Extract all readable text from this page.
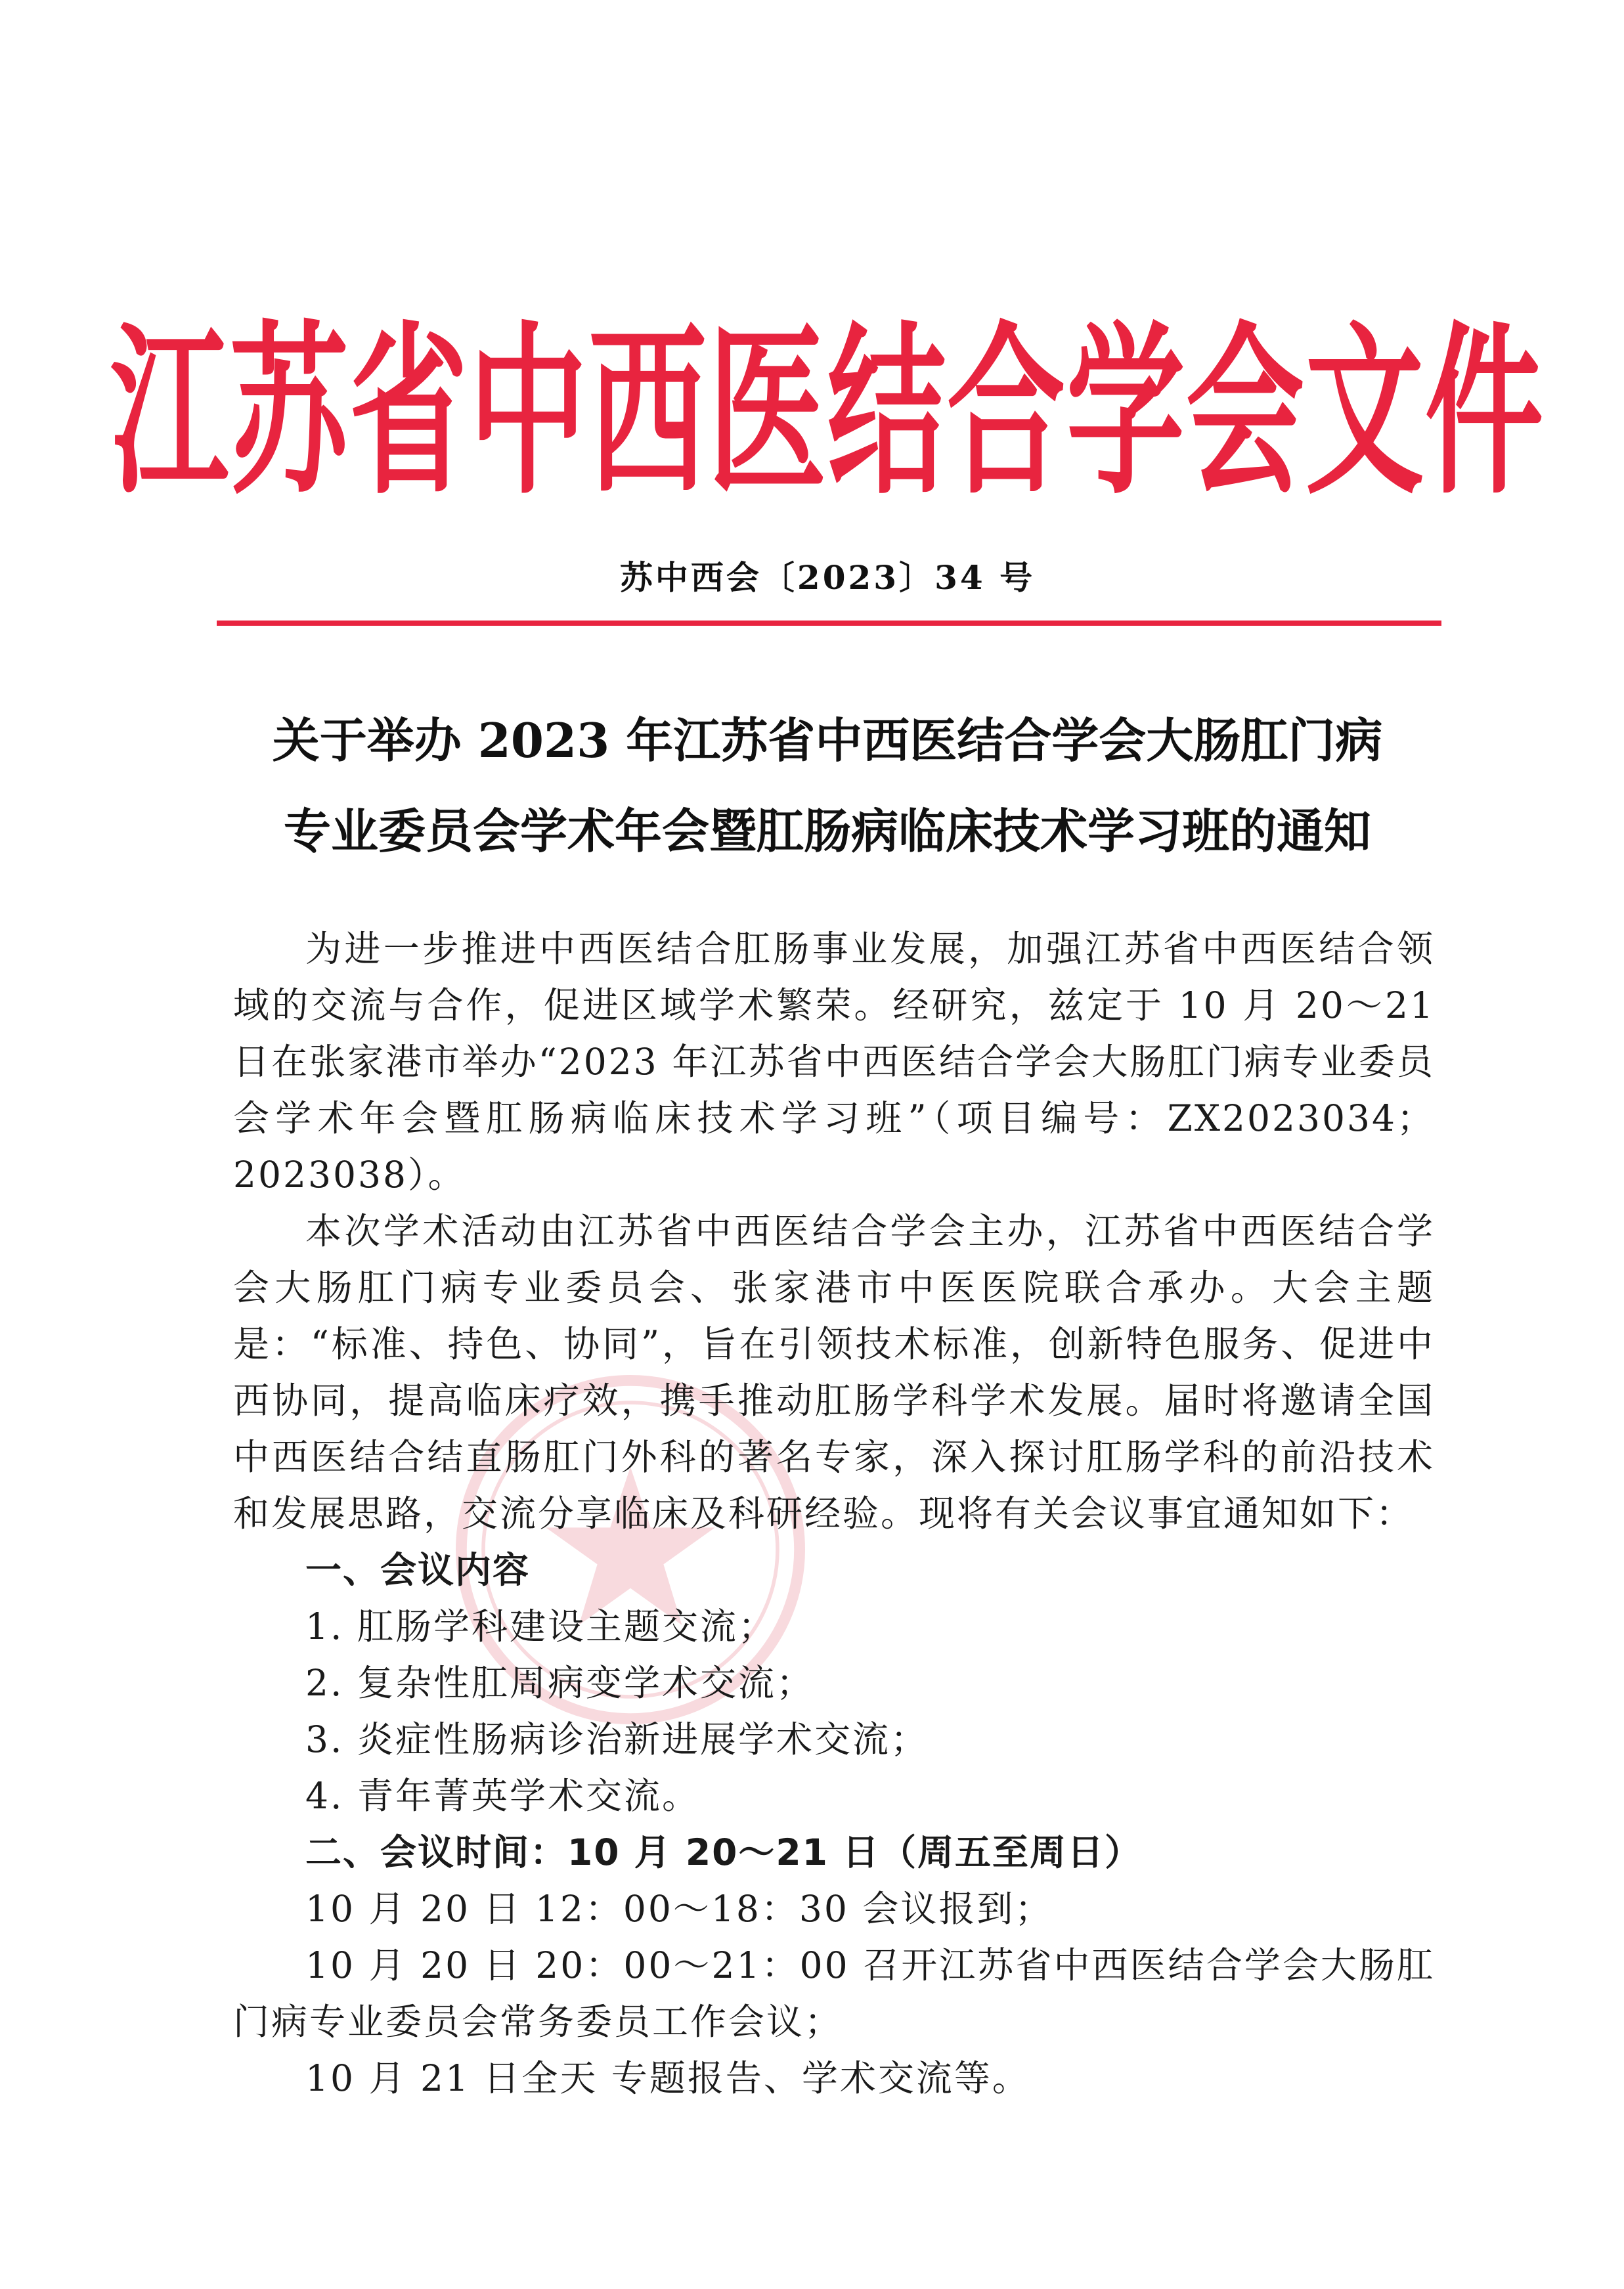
江苏省中西医结合学会文件
苏中西会〔2023〕34 号
关于举办 2023 年江苏省中西医结合学会大肠肛门病
专业委员会学术年会暨肛肠病临床技术学习班的通知

为进一步推进中西医结合肛肠事业发展，加强江苏省中西医结合领域的交流与合作，促进区域学术繁荣。经研究，兹定于 10 月 20～21 日在张家港市举办“2023 年江苏省中西医结合学会大肠肛门病专业委员会学术年会暨肛肠病临床技术学习班”（项目编号：ZX2023034；2023038）。

本次学术活动由江苏省中西医结合学会主办，江苏省中西医结合学会大肠肛门病专业委员会、张家港市中医医院联合承办。大会主题是：“标准、持色、协同”，旨在引领技术标准，创新特色服务、促进中西协同，提高临床疗效，携手推动肛肠学科学术发展。届时将邀请全国中西医结合结直肠肛门外科的著名专家，深入探讨肛肠学科的前沿技术和发展思路，交流分享临床及科研经验。现将有关会议事宜通知如下：

一、会议内容

1. 肛肠学科建设主题交流；

2. 复杂性肛周病变学术交流；

3. 炎症性肠病诊治新进展学术交流；

4. 青年菁英学术交流。

二、会议时间：10 月 20～21 日（周五至周日）

10 月 20 日 12：00～18：30 会议报到；

10 月 20 日 20：00～21：00 召开江苏省中西医结合学会大肠肛门病专业委员会常务委员工作会议；

10 月 21 日全天 专题报告、学术交流等。
